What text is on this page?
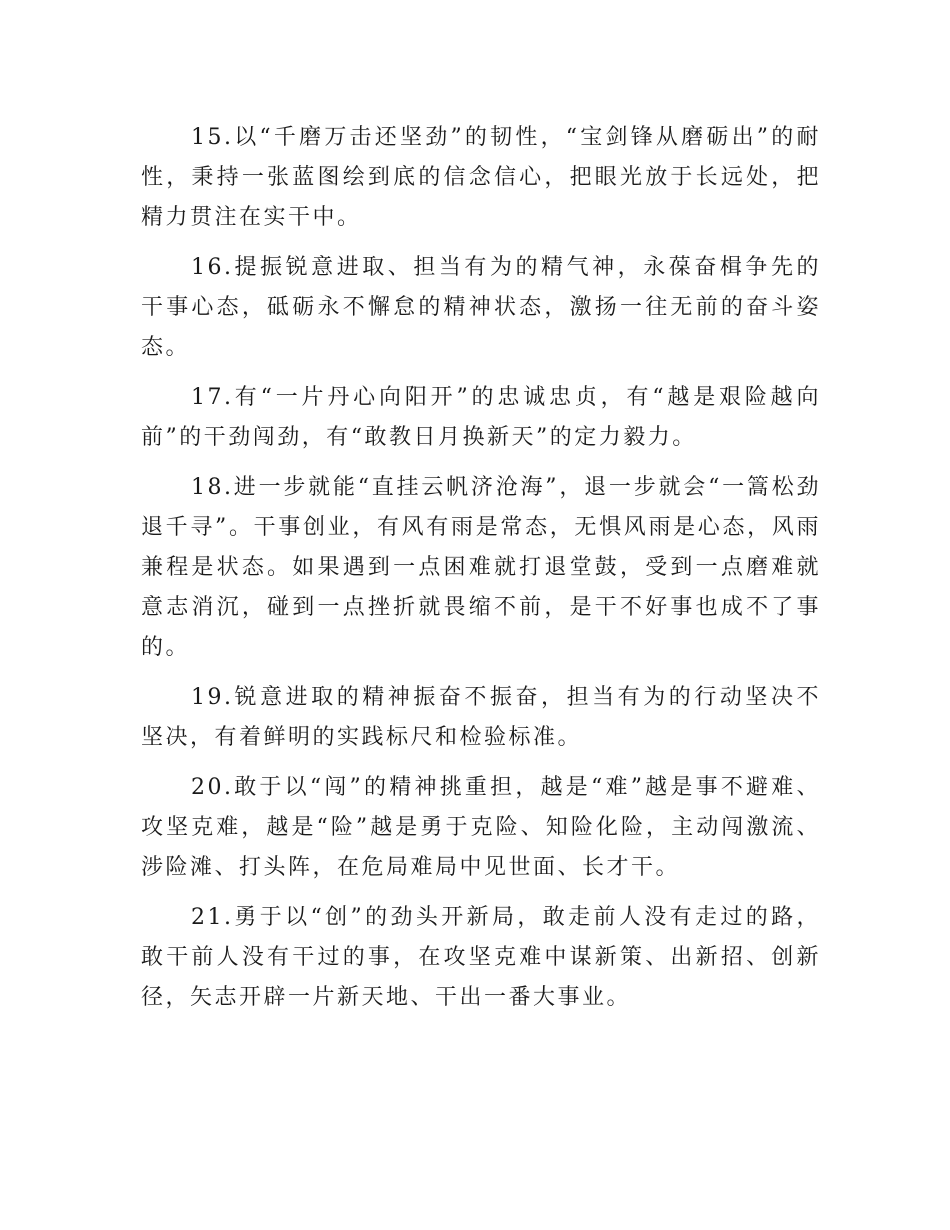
15.以“千磨万击还坚劲”的韧性，“宝剑锋从磨砺出”的耐性，秉持一张蓝图绘到底的信念信心，把眼光放于长远处，把精力贯注在实干中。

16.提振锐意进取、担当有为的精气神，永葆奋楫争先的干事心态，砥砺永不懈怠的精神状态，激扬一往无前的奋斗姿态。

17.有“一片丹心向阳开”的忠诚忠贞，有“越是艰险越向前”的干劲闯劲，有“敢教日月换新天”的定力毅力。

18.进一步就能“直挂云帆济沧海”，退一步就会“一篙松劲退千寻”。干事创业，有风有雨是常态，无惧风雨是心态，风雨兼程是状态。如果遇到一点困难就打退堂鼓，受到一点磨难就意志消沉，碰到一点挫折就畏缩不前，是干不好事也成不了事的。

19.锐意进取的精神振奋不振奋，担当有为的行动坚决不坚决，有着鲜明的实践标尺和检验标准。

20.敢于以“闯”的精神挑重担，越是“难”越是事不避难、攻坚克难，越是“险”越是勇于克险、知险化险，主动闯激流、涉险滩、打头阵，在危局难局中见世面、长才干。

21.勇于以“创”的劲头开新局，敢走前人没有走过的路，敢干前人没有干过的事，在攻坚克难中谋新策、出新招、创新径，矢志开辟一片新天地、干出一番大事业。
